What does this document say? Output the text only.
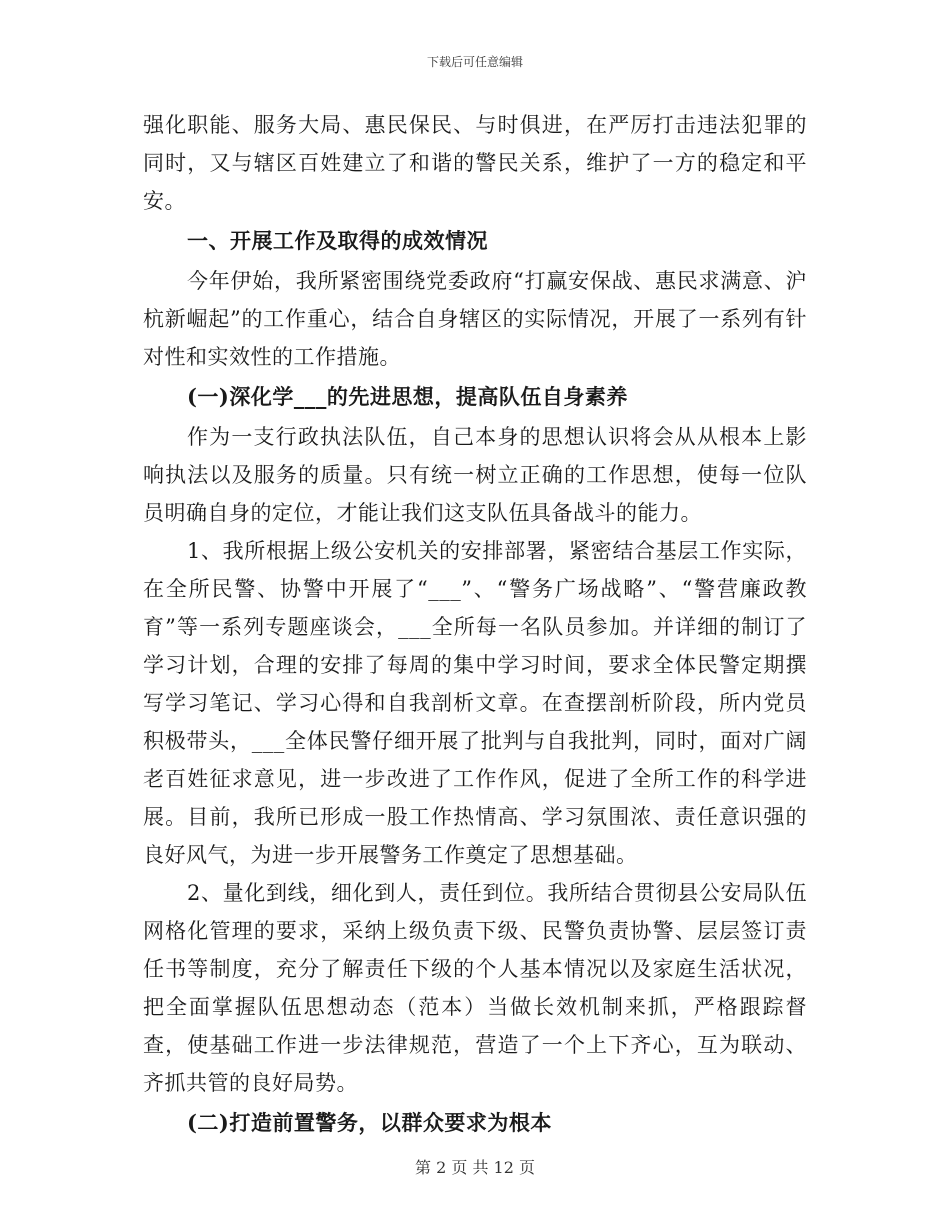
下载后可任意编辑

强化职能、服务大局、惠民保民、与时俱进，在严厉打击违法犯罪的同时，又与辖区百姓建立了和谐的警民关系，维护了一方的稳定和平安。

一、开展工作及取得的成效情况

今年伊始，我所紧密围绕党委政府“打赢安保战、惠民求满意、沪杭新崛起”的工作重心，结合自身辖区的实际情况，开展了一系列有针对性和实效性的工作措施。

(一)深化学___的先进思想，提高队伍自身素养

作为一支行政执法队伍，自己本身的思想认识将会从从根本上影响执法以及服务的质量。只有统一树立正确的工作思想，使每一位队员明确自身的定位，才能让我们这支队伍具备战斗的能力。

1、我所根据上级公安机关的安排部署，紧密结合基层工作实际，在全所民警、协警中开展了“___”、“警务广场战略”、“警营廉政教育”等一系列专题座谈会，___全所每一名队员参加。并详细的制订了学习计划，合理的安排了每周的集中学习时间，要求全体民警定期撰写学习笔记、学习心得和自我剖析文章。在查摆剖析阶段，所内党员积极带头，___全体民警仔细开展了批判与自我批判，同时，面对广阔老百姓征求意见，进一步改进了工作作风，促进了全所工作的科学进展。目前，我所已形成一股工作热情高、学习氛围浓、责任意识强的良好风气，为进一步开展警务工作奠定了思想基础。

2、量化到线，细化到人，责任到位。我所结合贯彻县公安局队伍网格化管理的要求，采纳上级负责下级、民警负责协警、层层签订责任书等制度，充分了解责任下级的个人基本情况以及家庭生活状况，把全面掌握队伍思想动态（范本）当做长效机制来抓，严格跟踪督查，使基础工作进一步法律规范，营造了一个上下齐心，互为联动、齐抓共管的良好局势。

(二)打造前置警务，以群众要求为根本

第 2 页 共 12 页
